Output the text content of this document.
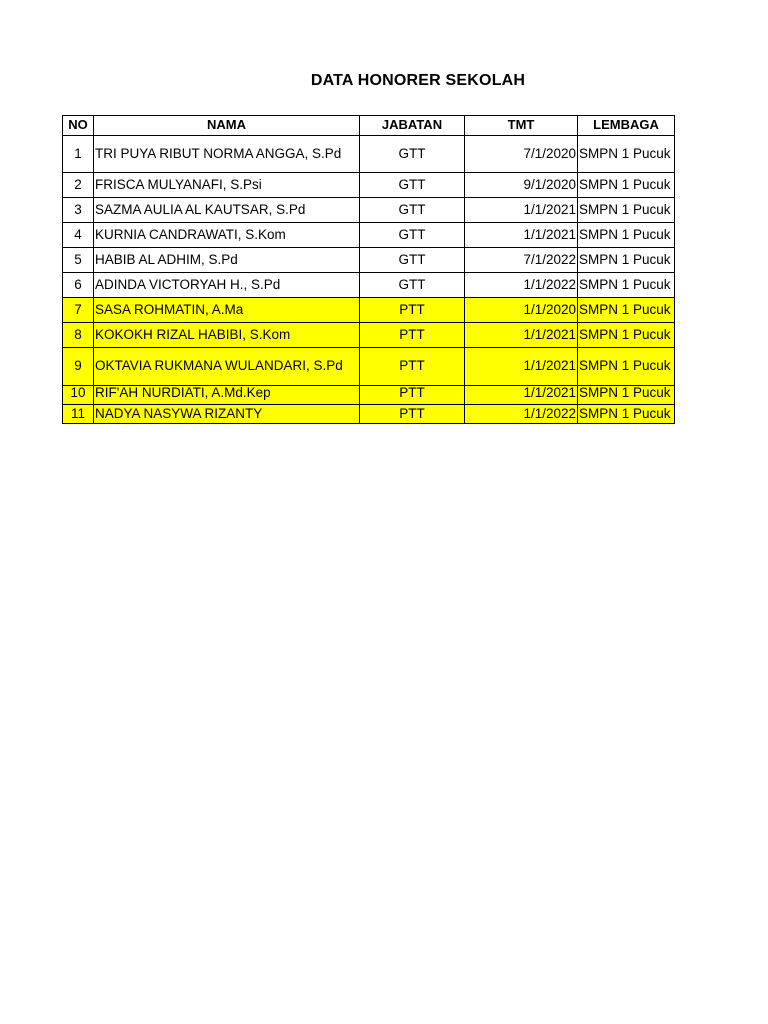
DATA HONORER SEKOLAH
NO	NAMA	JABATAN	TMT	LEMBAGA
1	TRI PUYA RIBUT NORMA ANGGA, S.Pd	GTT	7/1/2020	SMPN 1 Pucuk
2	FRISCA MULYANAFI, S.Psi	GTT	9/1/2020	SMPN 1 Pucuk
3	SAZMA AULIA AL KAUTSAR, S.Pd	GTT	1/1/2021	SMPN 1 Pucuk
4	KURNIA CANDRAWATI, S.Kom	GTT	1/1/2021	SMPN 1 Pucuk
5	HABIB AL ADHIM, S.Pd	GTT	7/1/2022	SMPN 1 Pucuk
6	ADINDA VICTORYAH H., S.Pd	GTT	1/1/2022	SMPN 1 Pucuk
7	SASA ROHMATIN, A.Ma	PTT	1/1/2020	SMPN 1 Pucuk
8	KOKOKH RIZAL HABIBI, S.Kom	PTT	1/1/2021	SMPN 1 Pucuk
9	OKTAVIA RUKMANA WULANDARI, S.Pd	PTT	1/1/2021	SMPN 1 Pucuk
10	RIF'AH NURDIATI, A.Md.Kep	PTT	1/1/2021	SMPN 1 Pucuk
11	NADYA NASYWA RIZANTY	PTT	1/1/2022	SMPN 1 Pucuk
